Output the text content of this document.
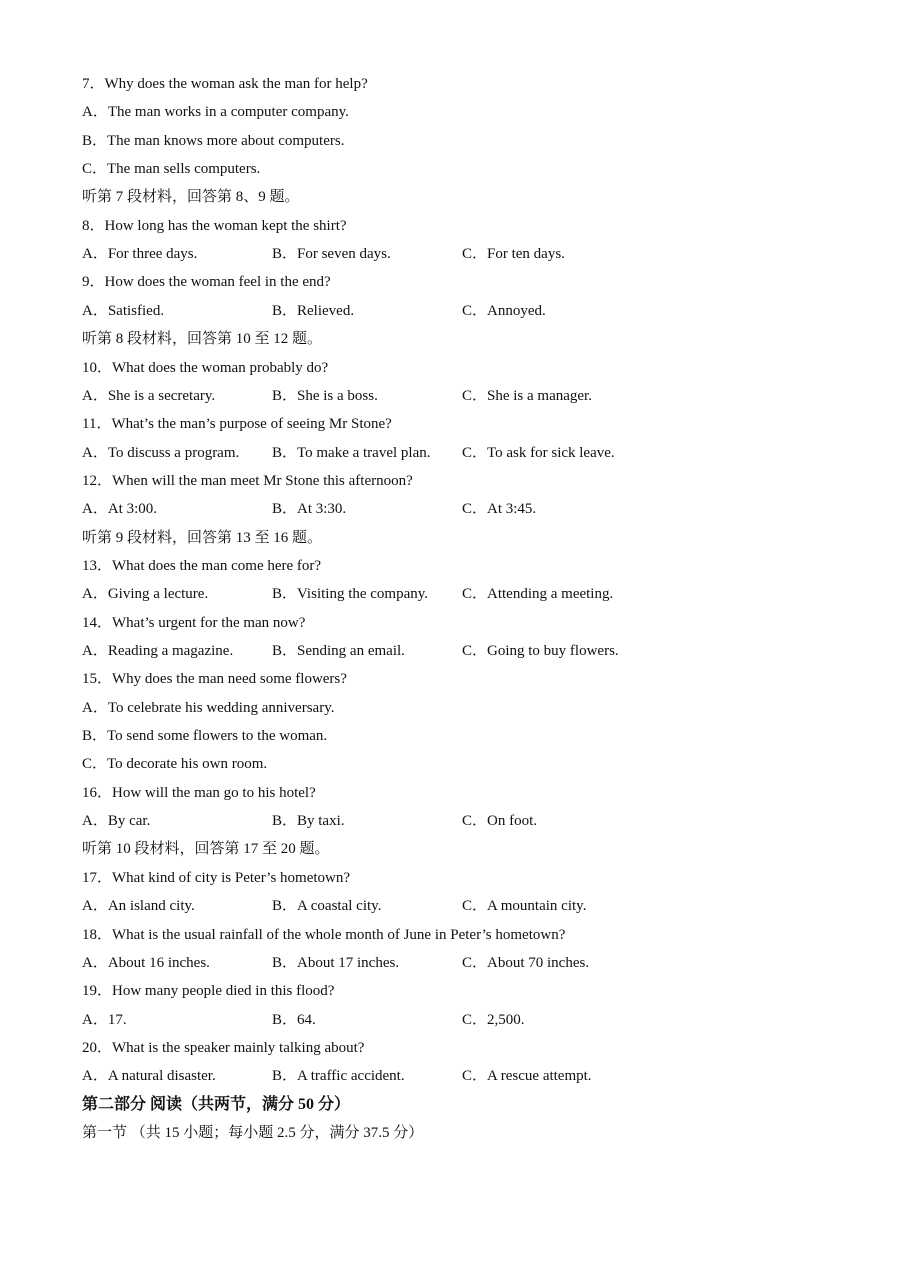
7．Why does the woman ask the man for help?
A．The man works in a computer company.
B．The man knows more about computers.
C．The man sells computers.
听第 7 段材料，回答第 8、9 题。
8．How long has the woman kept the shirt?
A．For three days.	B．For seven days.	C．For ten days.
9．How does the woman feel in the end?
A．Satisfied.	B．Relieved.	C．Annoyed.
听第 8 段材料，回答第 10 至 12 题。
10．What does the woman probably do?
A．She is a secretary.	B．She is a boss.	C．She is a manager.
11．What’s the man’s purpose of seeing Mr Stone?
A．To discuss a program. B．To make a travel plan. C．To ask for sick leave.
12．When will the man meet Mr Stone this afternoon?
A．At 3:00.	B．At 3:30.	C．At 3:45.
听第 9 段材料，回答第 13 至 16 题。
13．What does the man come here for?
A．Giving a lecture.	B．Visiting the company. C．Attending a meeting.
14．What’s urgent for the man now?
A．Reading a magazine.	B．Sending an email.	C．Going to buy flowers.
15．Why does the man need some flowers?
A．To celebrate his wedding anniversary.
B．To send some flowers to the woman.
C．To decorate his own room.
16．How will the man go to his hotel?
A．By car.	B．By taxi.	C．On foot.
听第 10 段材料，回答第 17 至 20 题。
17．What kind of city is Peter’s hometown?
A．An island city.	B．A coastal city.	C．A mountain city.
18．What is the usual rainfall of the whole month of June in Peter’s hometown?
A．About 16 inches.	B．About 17 inches.	C．About 70 inches.
19．How many people died in this flood?
A．17.	B．64.	C．2,500.
20．What is the speaker mainly talking about?
A．A natural disaster.	B．A traffic accident.	C．A rescue attempt.
第二部分 阅读（共两节，满分 50 分）
第一节 （共 15 小题；每小题 2.5 分，满分 37.5 分）
